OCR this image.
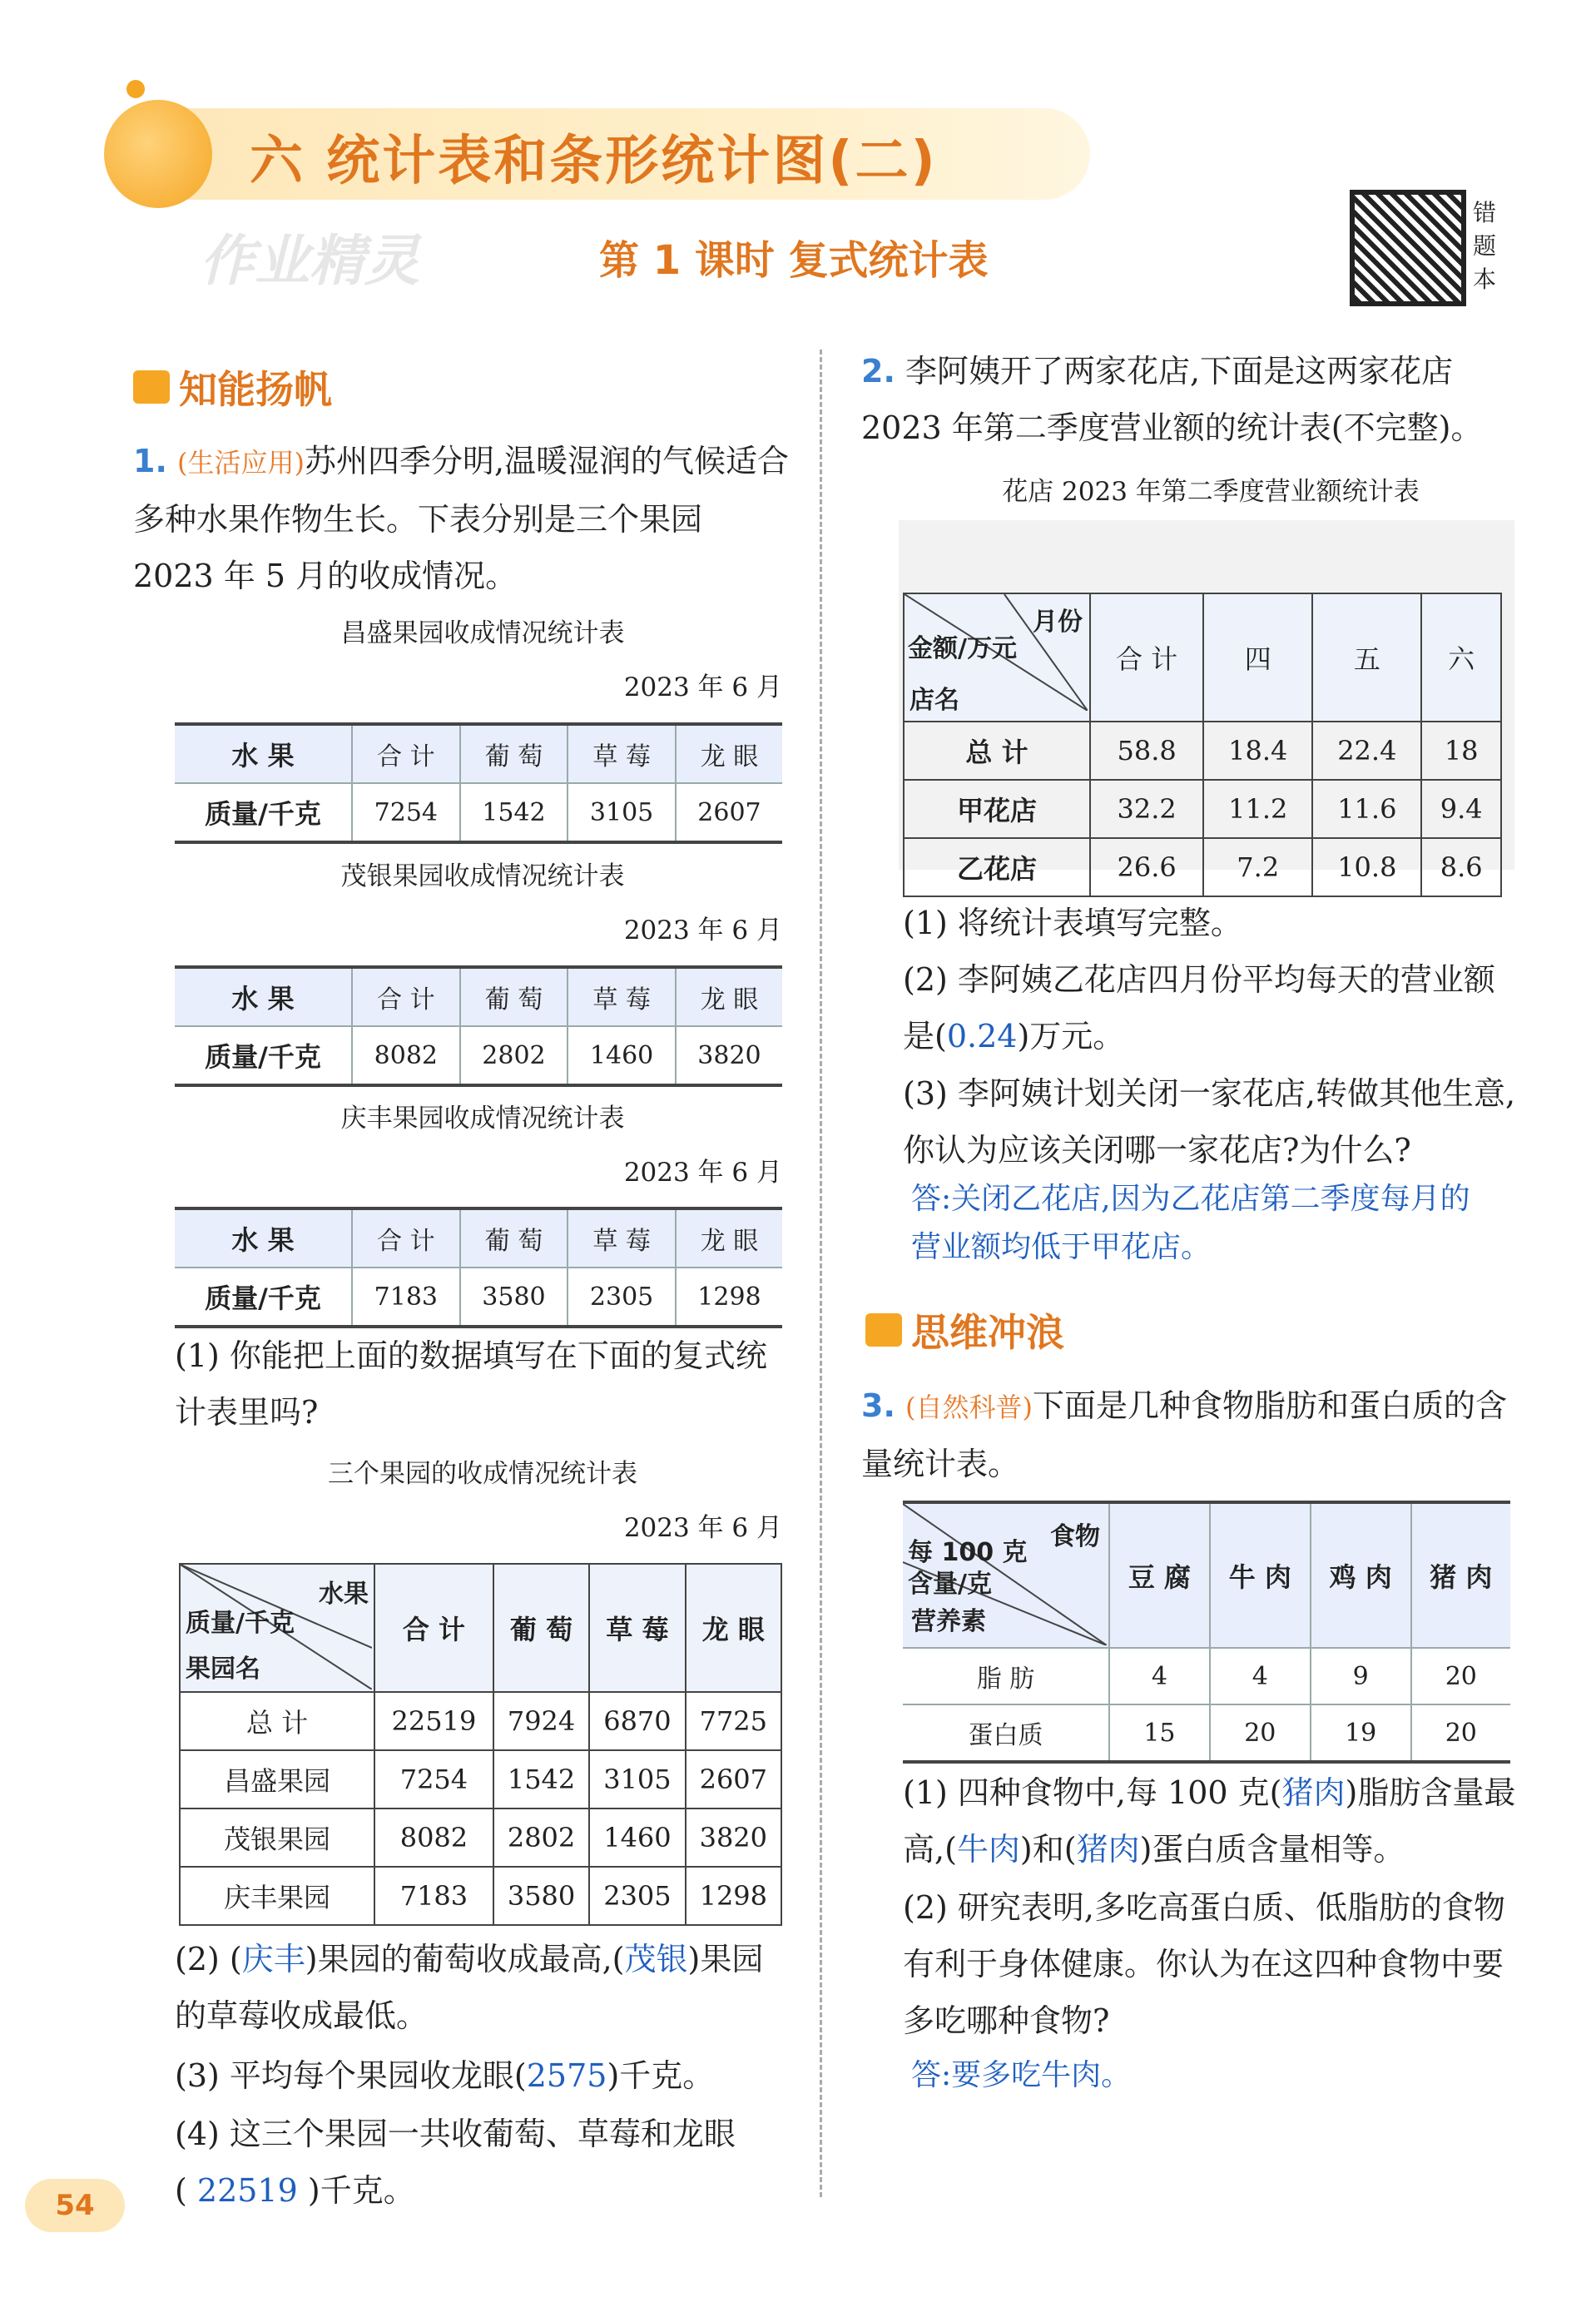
六 统计表和条形统计图(二)
作业精灵	第 1 课时 复式统计表
错题本
知能扬帆
1. (生活应用)苏州四季分明,温暖湿润的气候适合多种水果作物生长。下表分别是三个果园 2023 年 5 月的收成情况。
昌盛果园收成情况统计表
2023 年 6 月
水 果	合 计	葡 萄	草 莓	龙 眼
质量/千克	7254	1542	3105	2607
茂银果园收成情况统计表
2023 年 6 月
水 果	合 计	葡 萄	草 莓	龙 眼
质量/千克	8082	2802	1460	3820
庆丰果园收成情况统计表
2023 年 6 月
水 果	合 计	葡 萄	草 莓	龙 眼
质量/千克	7183	3580	2305	1298
(1) 你能把上面的数据填写在下面的复式统计表里吗?
三个果园的收成情况统计表
2023 年 6 月
水果
质量/千克
果园名	合 计	葡 萄	草 莓	龙 眼
总 计	22519	7924	6870	7725
昌盛果园	7254	1542	3105	2607
茂银果园	8082	2802	1460	3820
庆丰果园	7183	3580	2305	1298
(2) (庆丰)果园的葡萄收成最高,(茂银)果园的草莓收成最低。
(3) 平均每个果园收龙眼(2575)千克。
(4) 这三个果园一共收葡萄、草莓和龙眼
( 22519 )千克。
2. 李阿姨开了两家花店,下面是这两家花店 2023 年第二季度营业额的统计表(不完整)。
花店 2023 年第二季度营业额统计表
月份
金额/万元
店名	合 计	四	五	六
总 计	58.8	18.4	22.4	18
甲花店	32.2	11.2	11.6	9.4
乙花店	26.6	7.2	10.8	8.6
(1) 将统计表填写完整。
(2) 李阿姨乙花店四月份平均每天的营业额是(0.24)万元。
(3) 李阿姨计划关闭一家花店,转做其他生意,你认为应该关闭哪一家花店?为什么?
答:关闭乙花店,因为乙花店第二季度每月的营业额均低于甲花店。
思维冲浪
3. (自然科普)下面是几种食物脂肪和蛋白质的含量统计表。
食物
每 100 克含量/克
营养素	豆 腐	牛 肉	鸡 肉	猪 肉
脂 肪	4	4	9	20
蛋白质	15	20	19	20
(1) 四种食物中,每 100 克(猪肉)脂肪含量最高,(牛肉)和(猪肉)蛋白质含量相等。
(2) 研究表明,多吃高蛋白质、低脂肪的食物有利于身体健康。你认为在这四种食物中要多吃哪种食物?
答:要多吃牛肉。
54
